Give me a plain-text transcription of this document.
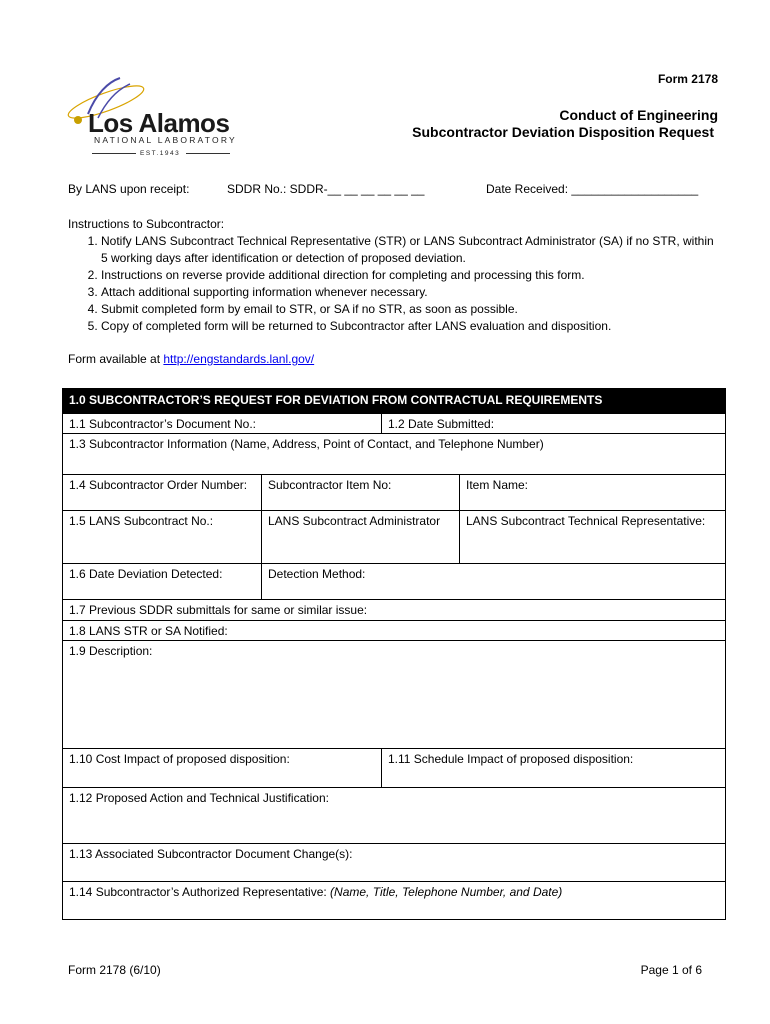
Form 2178
Los Alamos
NATIONAL LABORATORY
EST.1943
Conduct of Engineering
Subcontractor Deviation Disposition Request
By LANS upon receipt:	SDDR No.: SDDR-__ __ __ __ __ __	Date Received: ___________________
Instructions to Subcontractor:
1. Notify LANS Subcontract Technical Representative (STR) or LANS Subcontract Administrator (SA) if no STR, within 5 working days after identification or detection of proposed deviation.
2. Instructions on reverse provide additional direction for completing and processing this form.
3. Attach additional supporting information whenever necessary.
4. Submit completed form by email to STR, or SA if no STR, as soon as possible.
5. Copy of completed form will be returned to Subcontractor after LANS evaluation and disposition.
Form available at http://engstandards.lanl.gov/
1.0 SUBCONTRACTOR’S REQUEST FOR DEVIATION FROM CONTRACTUAL REQUIREMENTS
1.1 Subcontractor’s Document No.:	1.2 Date Submitted:
1.3 Subcontractor Information (Name, Address, Point of Contact, and Telephone Number)
1.4 Subcontractor Order Number:	Subcontractor Item No:	Item Name:
1.5 LANS Subcontract No.:	LANS Subcontract Administrator	LANS Subcontract Technical Representative:
1.6 Date Deviation Detected:	Detection Method:
1.7 Previous SDDR submittals for same or similar issue:
1.8 LANS STR or SA Notified:
1.9 Description:
1.10 Cost Impact of proposed disposition:	1.11 Schedule Impact of proposed disposition:
1.12 Proposed Action and Technical Justification:
1.13 Associated Subcontractor Document Change(s):
1.14 Subcontractor’s Authorized Representative: (Name, Title, Telephone Number, and Date)
Form 2178 (6/10)	Page 1 of 6
